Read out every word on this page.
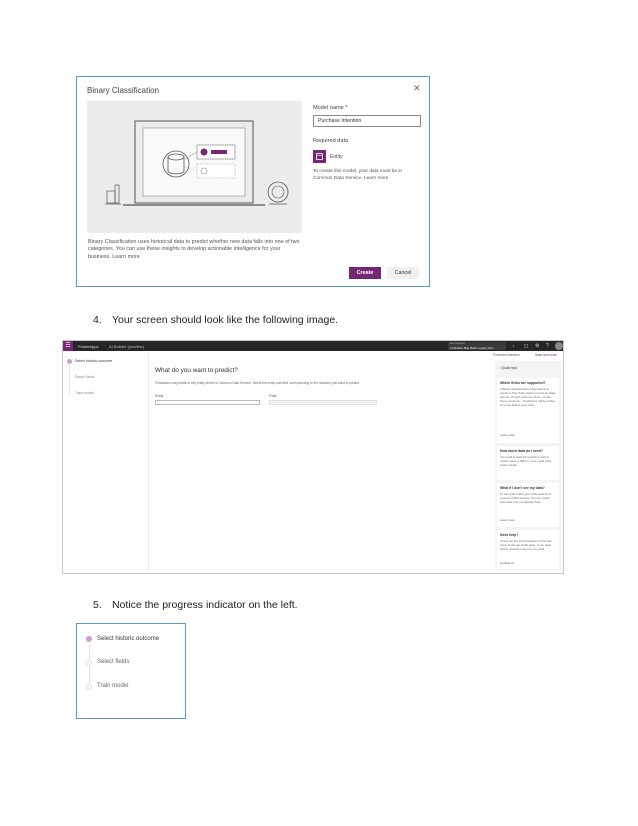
Binary Classification	✕
Binary Classification uses historical data to predict whether new data falls into one of two categories. You can use these insights to develop actionable intelligence for your business. Learn more
Model name *
Purchase Intention
Required data
Entity
To create this model, your data must be in Common Data Service. Learn more
Create	Cancel
4. Your screen should look like the following image.
☰	PowerApps	AI Builder (preview)
Environment
AI Builder Bug Bash Legacy Env...	↓ ◻ ⚙ ?
Purchase Intention	Save and close
Select historic outcome
Select fields
Train model
What do you want to predict?
Predictions may relate to any entity stored in Common Data Service. Select the entity and field corresponding to the outcome you want to predict.
Entity	Field
◌ Quick tips
Which fields are supported?
A Binary Classification model learns to predict a Two Option field in Common Data Service. Predict customer churn, predict future customer... Predictions will be written to a new field in your entity.
Learn more
How much data do I need?
You need at least 10 records to train a model. Having 1000 or more could yield better results.
What if I don't see my data?
To train this model, your data must be in Common Data Service. You can import your data if it's not already there.
Learn more
Need help?
Check out the documentation in the help menu at the top of the page. If you have further questions send us an email.
Contact us
5. Notice the progress indicator on the left.
Select historic outcome
Select fields
Train model
